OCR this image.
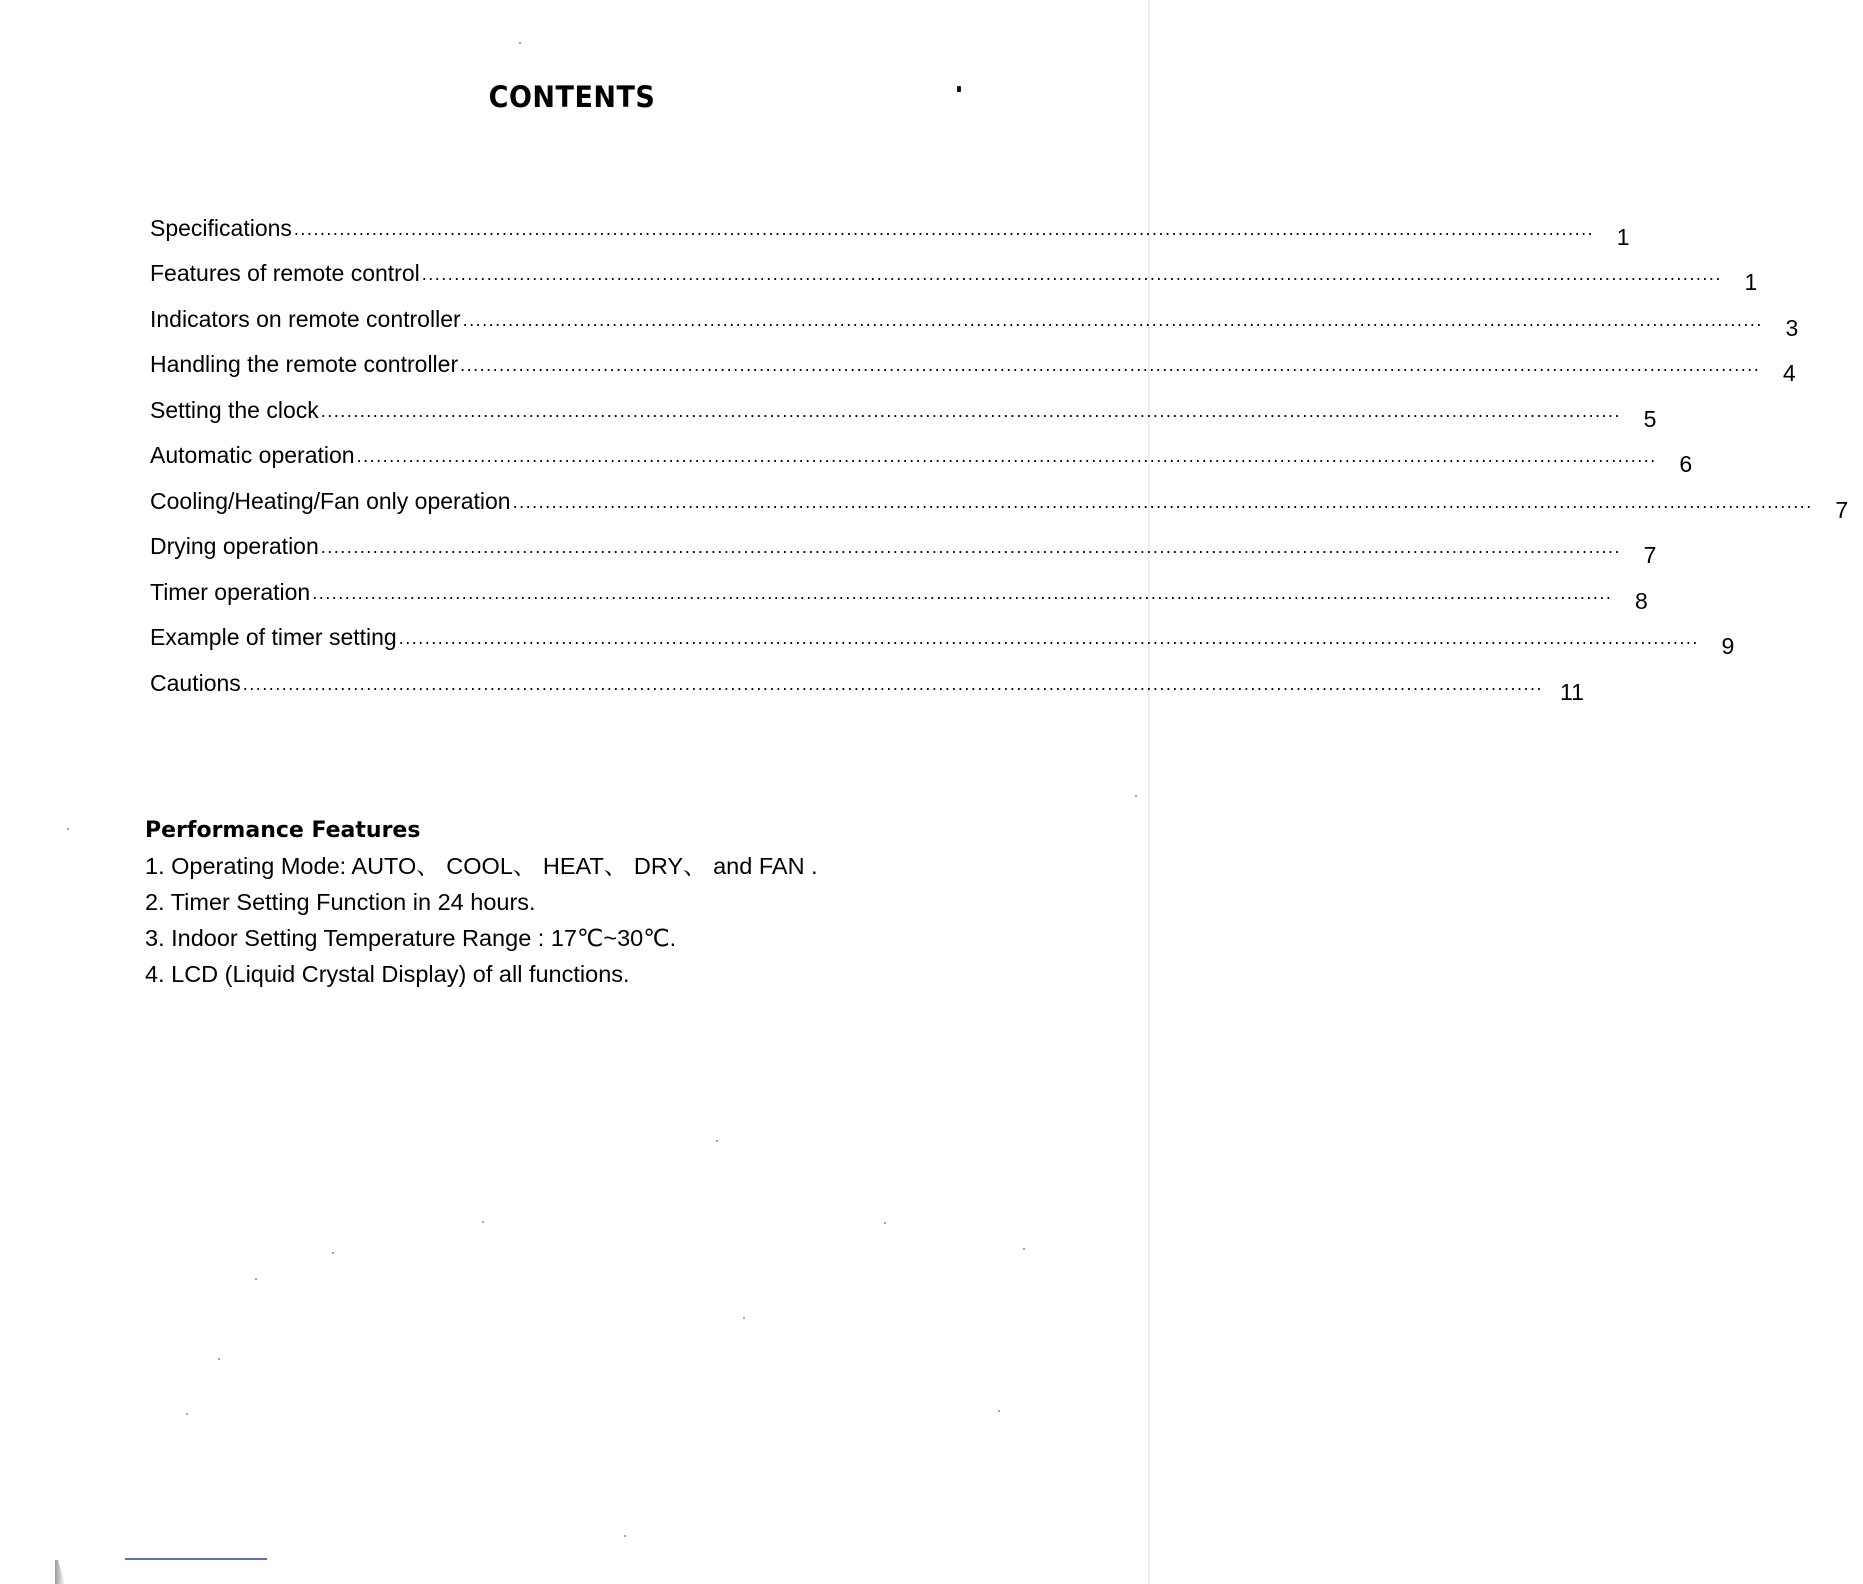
CONTENTS
Specifications ........................................................................................................................................................................................................ 1
Features of remote control ........................................................................................................................................................................................................ 1
Indicators on remote controller ........................................................................................................................................................................................................ 3
Handling the remote controller ........................................................................................................................................................................................................ 4
Setting the clock ........................................................................................................................................................................................................ 5
Automatic operation ........................................................................................................................................................................................................ 6
Cooling/Heating/Fan only operation ........................................................................................................................................................................................................ 7
Drying operation ........................................................................................................................................................................................................ 7
Timer operation ........................................................................................................................................................................................................ 8
Example of timer setting ........................................................................................................................................................................................................ 9
Cautions ........................................................................................................................................................................................................ 11
Performance Features
1. Operating Mode: AUTO、 COOL、 HEAT、 DRY、 and FAN .
2. Timer Setting Function in 24 hours.
3. Indoor Setting Temperature Range : 17℃~30℃.
4. LCD (Liquid Crystal Display) of all functions.
